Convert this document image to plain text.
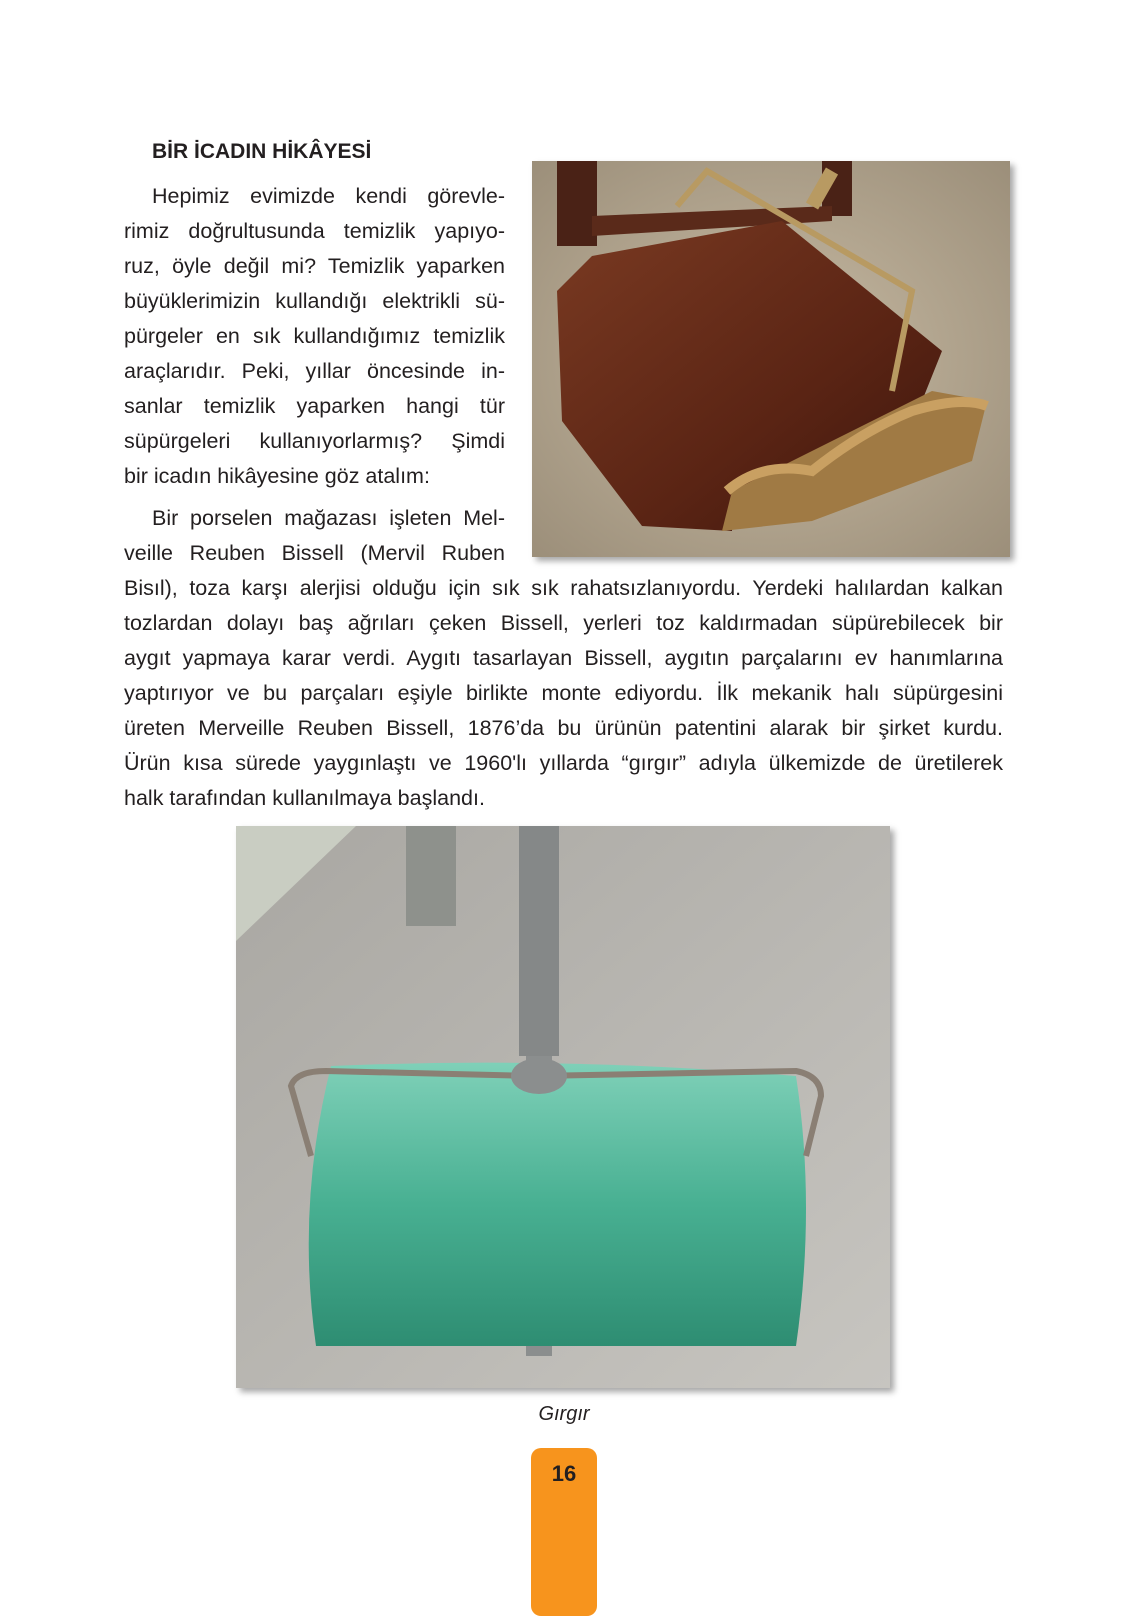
BİR İCADIN HİKÂYESİ
Hepimiz evimizde kendi görevle-
rimiz doğrultusunda temizlik yapıyo-
ruz, öyle değil mi? Temizlik yaparken
büyüklerimizin kullandığı elektrikli sü-
pürgeler en sık kullandığımız temizlik
araçlarıdır. Peki, yıllar öncesinde in-
sanlar temizlik yaparken hangi tür
süpürgeleri kullanıyorlarmış? Şimdi
bir icadın hikâyesine göz atalım:
Bir porselen mağazası işleten Mel-
veille Reuben Bissell (Mervil Ruben
Bisıl), toza karşı alerjisi olduğu için sık sık rahatsızlanıyordu. Yerdeki halılardan kalkan
tozlardan dolayı baş ağrıları çeken Bissell, yerleri toz kaldırmadan süpürebilecek bir
aygıt yapmaya karar verdi. Aygıtı tasarlayan Bissell, aygıtın parçalarını ev hanımlarına
yaptırıyor ve bu parçaları eşiyle birlikte monte ediyordu. İlk mekanik halı süpürgesini
üreten Merveille Reuben Bissell, 1876’da bu ürünün patentini alarak bir şirket kurdu.
Ürün kısa sürede yaygınlaştı ve 1960'lı yıllarda “gırgır” adıyla ülkemizde de üretilerek
halk tarafından kullanılmaya başlandı.
Gırgır
16
